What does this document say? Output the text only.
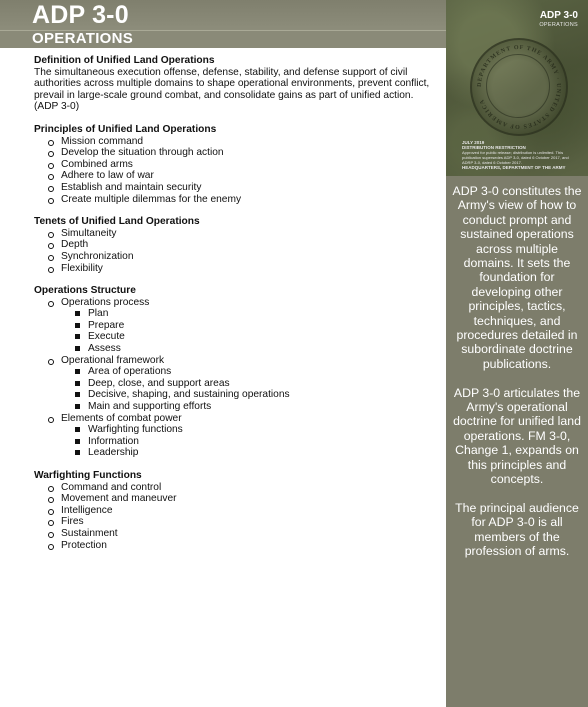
ADP 3-0
OPERATIONS
ADP 3-0
OPERATIONS
DEPARTMENT OF THE ARMY · UNITED STATES OF AMERICA
JULY 2019
DISTRIBUTION RESTRICTION
Approved for public release; distribution is unlimited. This publication supersedes ADP 3-0, dated 6 October 2017, and ADRP 3-0, dated 6 October 2017.
HEADQUARTERS, DEPARTMENT OF THE ARMY

ADP 3-0 constitutes the Army's view of how to conduct prompt and sustained operations across multiple domains. It sets the foundation for developing other principles, tactics, techniques, and procedures detailed in subordinate doctrine publications.

ADP 3-0 articulates the Army's operational doctrine for unified land operations. FM 3-0, Change 1, expands on this principles and concepts.

The principal audience for ADP 3-0 is all members of the profession of arms.

Definition of Unified Land Operations

The simultaneous execution offense, defense, stability, and defense support of civil authorities across multiple domains to shape operational environments, prevent conflict, prevail in large-scale ground combat, and consolidate gains as part of unified action. (ADP 3-0)

Principles of Unified Land Operations
Mission command
Develop the situation through action
Combined arms
Adhere to law of war
Establish and maintain security
Create multiple dilemmas for the enemy
Tenets of Unified Land Operations
Simultaneity
Depth
Synchronization
Flexibility
Operations Structure
Operations process
Plan
Prepare
Execute
Assess
Operational framework
Area of operations
Deep, close, and support areas
Decisive, shaping, and sustaining operations
Main and supporting efforts
Elements of combat power
Warfighting functions
Information
Leadership
Warfighting Functions
Command and control
Movement and maneuver
Intelligence
Fires
Sustainment
Protection
